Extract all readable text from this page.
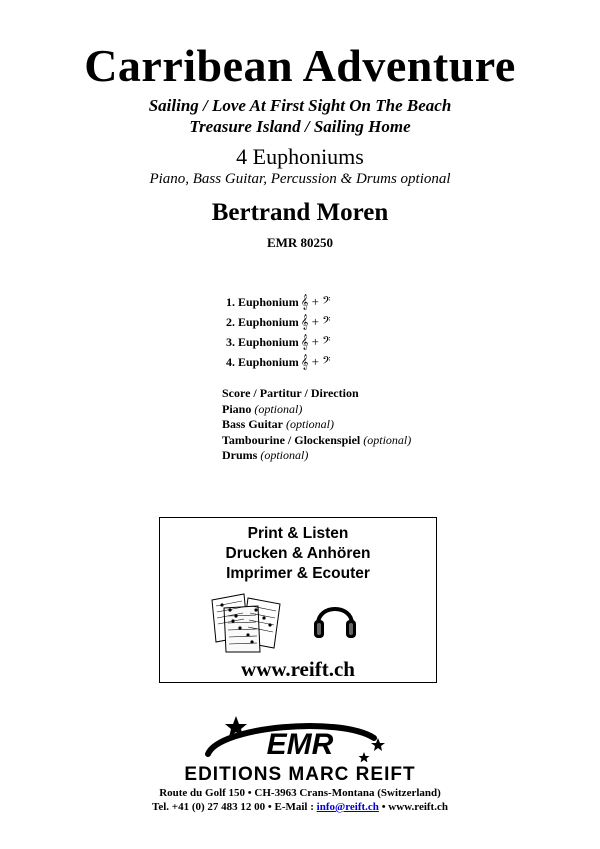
Carribean Adventure
Sailing / Love At First Sight On The Beach
Treasure Island / Sailing Home
4 Euphoniums
Piano, Bass Guitar, Percussion & Drums optional
Bertrand Moren
EMR 80250
1. Euphonium 𝄞 + 𝄢
2. Euphonium 𝄞 + 𝄢
3. Euphonium 𝄞 + 𝄢
4. Euphonium 𝄞 + 𝄢
Score / Partitur / Direction
Piano (optional)
Bass Guitar (optional)
Tambourine / Glockenspiel (optional)
Drums (optional)
Print & Listen
Drucken & Anhören
Imprimer & Ecouter
www.reift.ch
EMR
EDITIONS MARC REIFT
Route du Golf 150 • CH-3963 Crans-Montana (Switzerland)
Tel. +41 (0) 27 483 12 00 • E-Mail : info@reift.ch • www.reift.ch
